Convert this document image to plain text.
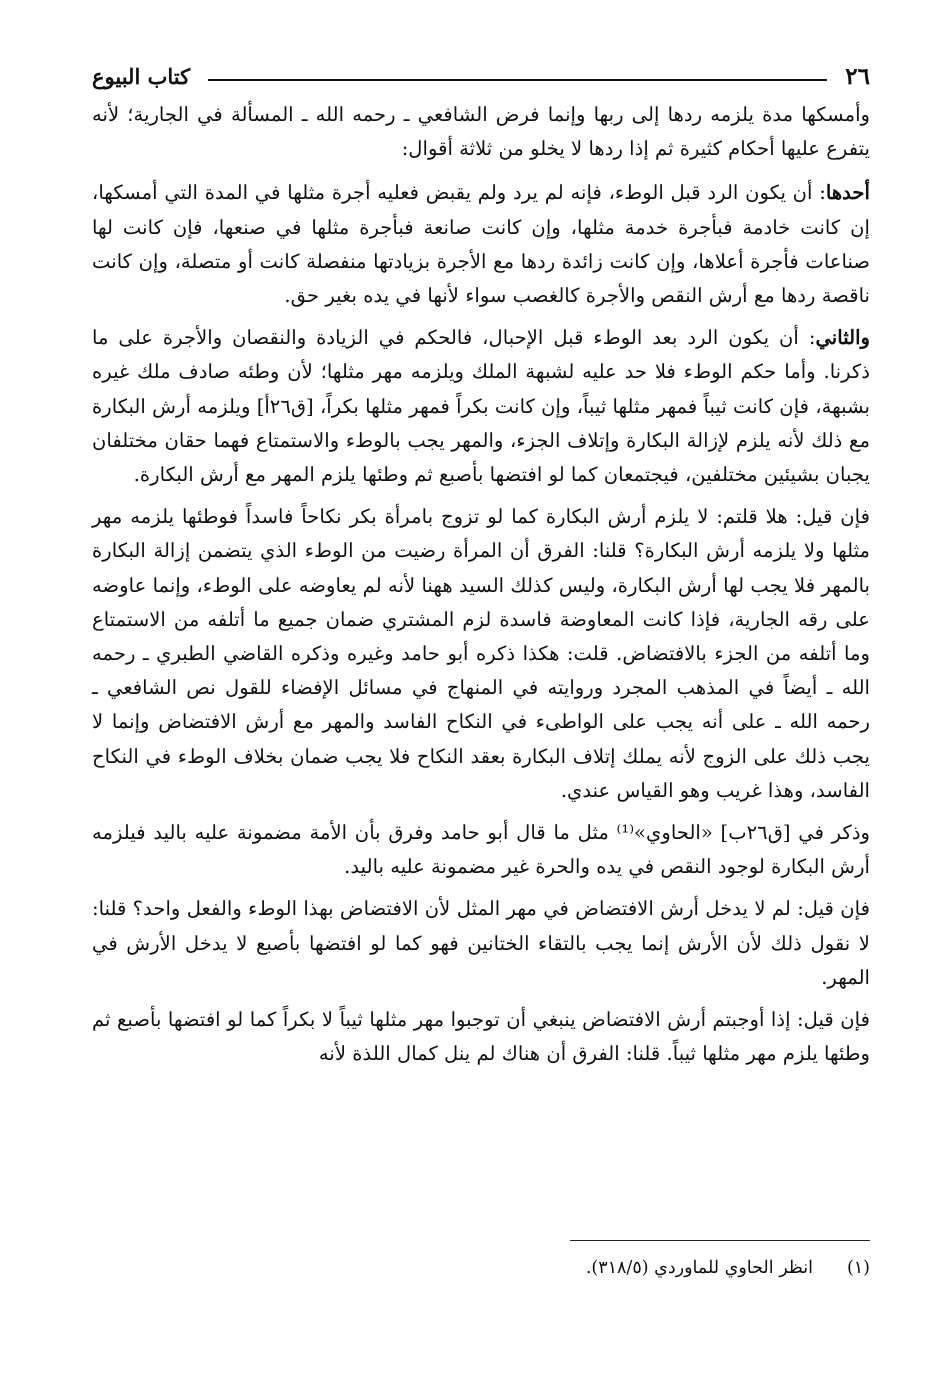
٢٦
كتاب البيوع

وأمسكها مدة يلزمه ردها إلى ربها وإنما فرض الشافعي ـ رحمه الله ـ المسألة في الجارية؛ لأنه يتفرع عليها أحكام كثيرة ثم إذا ردها لا يخلو من ثلاثة أقوال:

أحدها: أن يكون الرد قبل الوطء، فإنه لم يرد ولم يقبض فعليه أجرة مثلها في المدة التي أمسكها، إن كانت خادمة فبأجرة خدمة مثلها، وإن كانت صانعة فبأجرة مثلها في صنعها، فإن كانت لها صناعات فأجرة أعلاها، وإن كانت زائدة ردها مع الأجرة بزيادتها منفصلة كانت أو متصلة، وإن كانت ناقصة ردها مع أرش النقص والأجرة كالغصب سواء لأنها في يده بغير حق.

والثاني: أن يكون الرد بعد الوطء قبل الإحبال، فالحكم في الزيادة والنقصان والأجرة على ما ذكرنا. وأما حكم الوطء فلا حد عليه لشبهة الملك ويلزمه مهر مثلها؛ لأن وطئه صادف ملك غيره بشبهة، فإن كانت ثيباً فمهر مثلها ثيباً، وإن كانت بكراً فمهر مثلها بكراً، [ق٢٦أ] ويلزمه أرش البكارة مع ذلك لأنه يلزم لإزالة البكارة وإتلاف الجزء، والمهر يجب بالوطء والاستمتاع فهما حقان مختلفان يجبان بشيئين مختلفين، فيجتمعان كما لو افتضها بأصبع ثم وطئها يلزم المهر مع أرش البكارة.

فإن قيل: هلا قلتم: لا يلزم أرش البكارة كما لو تزوج بامرأة بكر نكاحاً فاسداً فوطئها يلزمه مهر مثلها ولا يلزمه أرش البكارة؟ قلنا: الفرق أن المرأة رضيت من الوطء الذي يتضمن إزالة البكارة بالمهر فلا يجب لها أرش البكارة، وليس كذلك السيد ههنا لأنه لم يعاوضه على الوطء، وإنما عاوضه على رقه الجارية، فإذا كانت المعاوضة فاسدة لزم المشتري ضمان جميع ما أتلفه من الاستمتاع وما أتلفه من الجزء بالافتضاض. قلت: هكذا ذكره أبو حامد وغيره وذكره القاضي الطبري ـ رحمه الله ـ أيضاً في المذهب المجرد وروايته في المنهاج في مسائل الإفضاء للقول نص الشافعي ـ رحمه الله ـ على أنه يجب على الواطىء في النكاح الفاسد والمهر مع أرش الافتضاض وإنما لا يجب ذلك على الزوج لأنه يملك إتلاف البكارة بعقد النكاح فلا يجب ضمان بخلاف الوطء في النكاح الفاسد، وهذا غريب وهو القياس عندي.

وذكر في [ق٢٦ب] «الحاوي»⁽¹⁾ مثل ما قال أبو حامد وفرق بأن الأمة مضمونة عليه باليد فيلزمه أرش البكارة لوجود النقص في يده والحرة غير مضمونة عليه باليد.

فإن قيل: لم لا يدخل أرش الافتضاض في مهر المثل لأن الافتضاض بهذا الوطء والفعل واحد؟ قلنا: لا نقول ذلك لأن الأرش إنما يجب بالتقاء الختانين فهو كما لو افتضها بأصبع لا يدخل الأرش في المهر.

فإن قيل: إذا أوجبتم أرش الافتضاض ينبغي أن توجبوا مهر مثلها ثيباً لا بكراً كما لو افتضها بأصبع ثم وطئها يلزم مهر مثلها ثيباً. قلنا: الفرق أن هناك لم ينل كمال اللذة لأنه

(١)انظر الحاوي للماوردي (٣١٨/٥).
